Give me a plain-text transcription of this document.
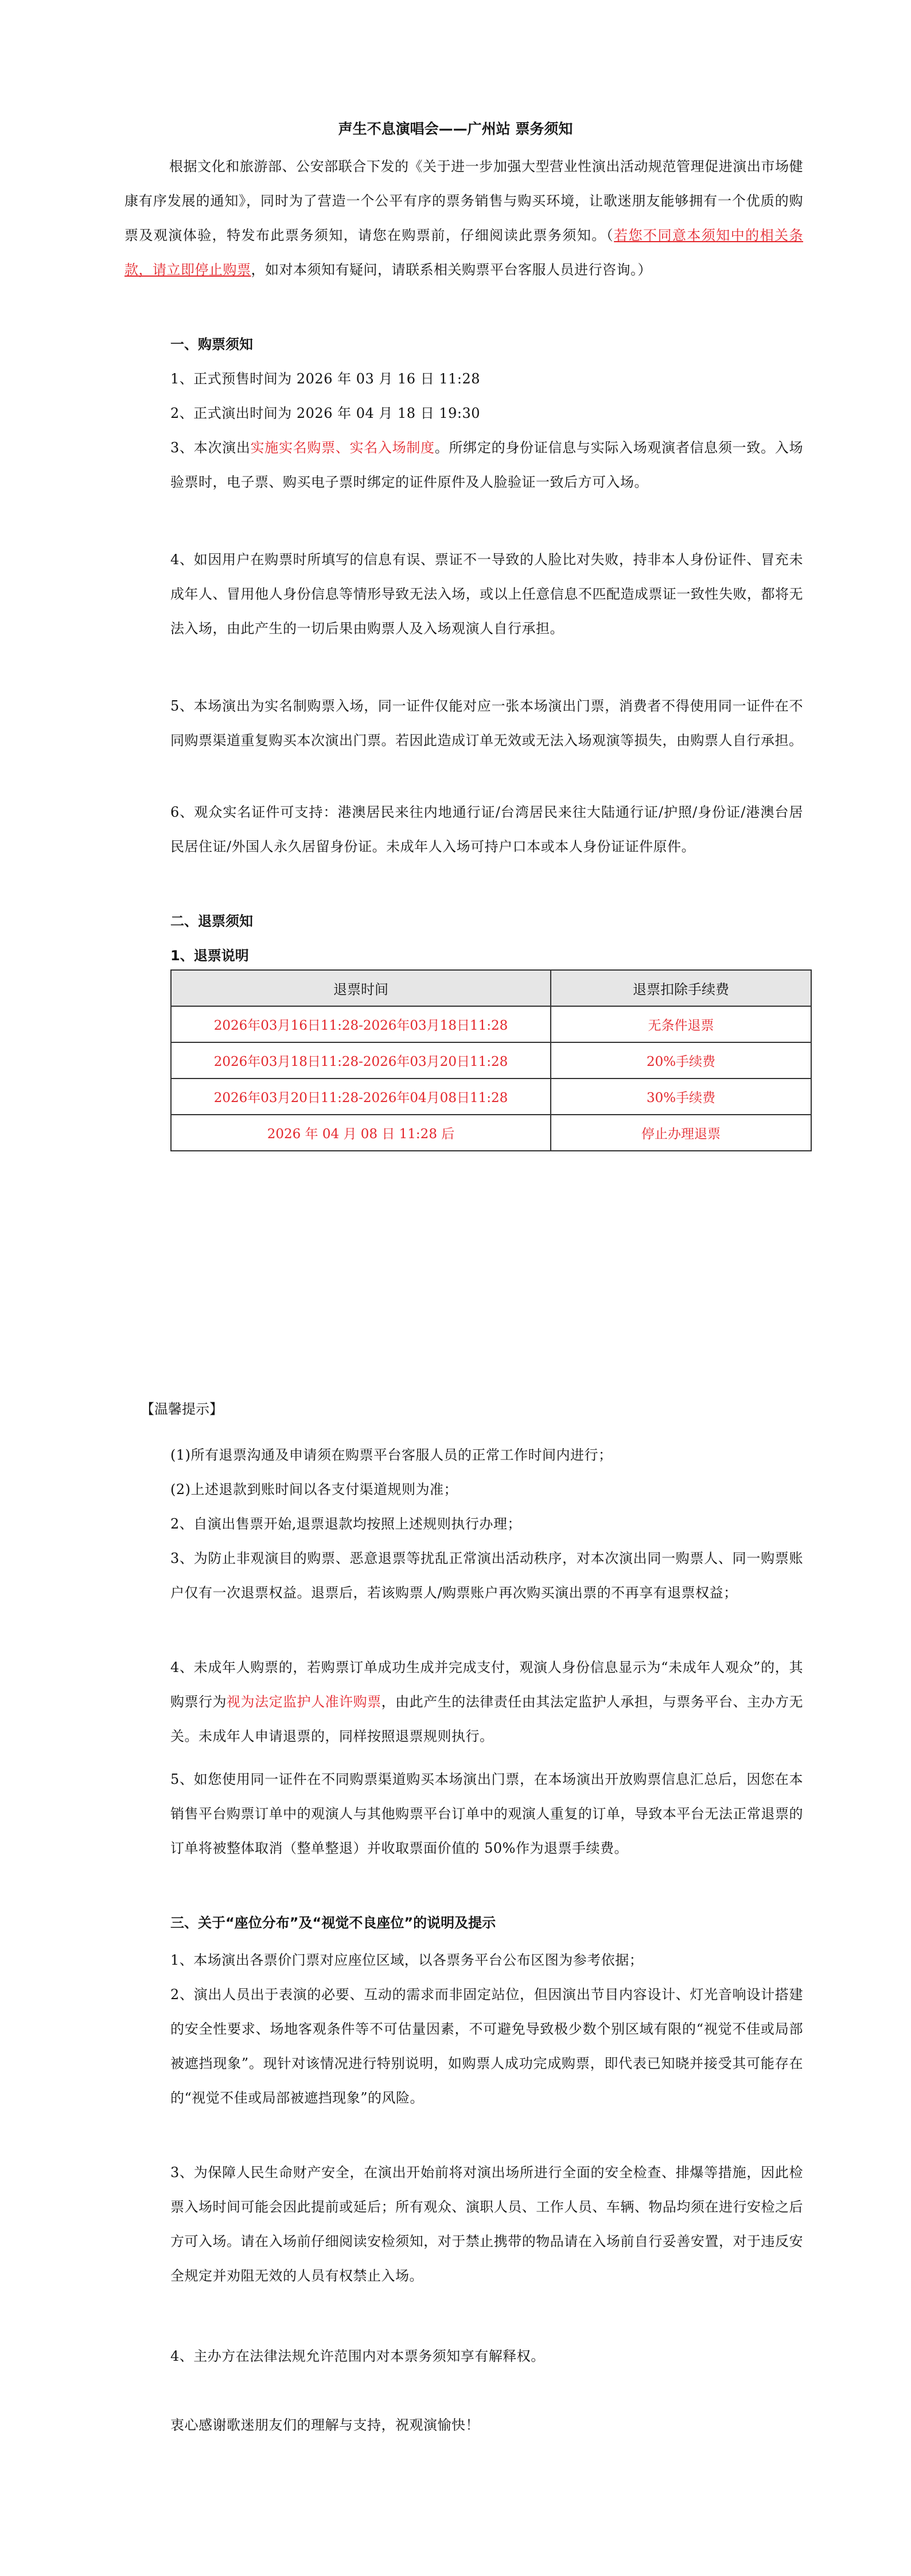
声生不息演唱会——广州站 票务须知
根据文化和旅游部、公安部联合下发的《关于进一步加强大型营业性演出活动规范管理促进演出市场健康有序发展的通知》，同时为了营造一个公平有序的票务销售与购买环境，让歌迷朋友能够拥有一个优质的购票及观演体验，特发布此票务须知，请您在购票前，仔细阅读此票务须知。（若您不同意本须知中的相关条款，请立即停止购票，如对本须知有疑问，请联系相关购票平台客服人员进行咨询。）
一、购票须知
1、正式预售时间为 2026 年 03 月 16 日 11:28
2、正式演出时间为 2026 年 04 月 18 日 19:30
3、本次演出实施实名购票、实名入场制度。所绑定的身份证信息与实际入场观演者信息须一致。入场验票时，电子票、购买电子票时绑定的证件原件及人脸验证一致后方可入场。
4、如因用户在购票时所填写的信息有误、票证不一导致的人脸比对失败，持非本人身份证件、冒充未成年人、冒用他人身份信息等情形导致无法入场，或以上任意信息不匹配造成票证一致性失败，都将无法入场，由此产生的一切后果由购票人及入场观演人自行承担。
5、本场演出为实名制购票入场，同一证件仅能对应一张本场演出门票，消费者不得使用同一证件在不同购票渠道重复购买本次演出门票。若因此造成订单无效或无法入场观演等损失，由购票人自行承担。
6、观众实名证件可支持：港澳居民来往内地通行证/台湾居民来往大陆通行证/护照/身份证/港澳台居民居住证/外国人永久居留身份证。未成年人入场可持户口本或本人身份证证件原件。
二、退票须知
1、退票说明
退票时间	退票扣除手续费
2026年03月16日11:28-2026年03月18日11:28	无条件退票
2026年03月18日11:28-2026年03月20日11:28	20%手续费
2026年03月20日11:28-2026年04月08日11:28	30%手续费
2026 年 04 月 08 日 11:28 后	停止办理退票
【温馨提示】
(1)所有退票沟通及申请须在购票平台客服人员的正常工作时间内进行；
(2)上述退款到账时间以各支付渠道规则为准；
2、自演出售票开始,退票退款均按照上述规则执行办理；
3、为防止非观演目的购票、恶意退票等扰乱正常演出活动秩序，对本次演出同一购票人、同一购票账户仅有一次退票权益。退票后，若该购票人/购票账户再次购买演出票的不再享有退票权益；
4、未成年人购票的，若购票订单成功生成并完成支付，观演人身份信息显示为“未成年人观众”的，其购票行为视为法定监护人准许购票，由此产生的法律责任由其法定监护人承担，与票务平台、主办方无关。未成年人申请退票的，同样按照退票规则执行。
5、如您使用同一证件在不同购票渠道购买本场演出门票，在本场演出开放购票信息汇总后，因您在本销售平台购票订单中的观演人与其他购票平台订单中的观演人重复的订单，导致本平台无法正常退票的订单将被整体取消（整单整退）并收取票面价值的 50%作为退票手续费。
三、关于“座位分布”及“视觉不良座位”的说明及提示
1、本场演出各票价门票对应座位区域，以各票务平台公布区图为参考依据；
2、演出人员出于表演的必要、互动的需求而非固定站位，但因演出节目内容设计、灯光音响设计搭建的安全性要求、场地客观条件等不可估量因素，不可避免导致极少数个别区域有限的“视觉不佳或局部被遮挡现象”。现针对该情况进行特别说明，如购票人成功完成购票，即代表已知晓并接受其可能存在的“视觉不佳或局部被遮挡现象”的风险。
3、为保障人民生命财产安全，在演出开始前将对演出场所进行全面的安全检查、排爆等措施，因此检票入场时间可能会因此提前或延后；所有观众、演职人员、工作人员、车辆、物品均须在进行安检之后方可入场。请在入场前仔细阅读安检须知，对于禁止携带的物品请在入场前自行妥善安置，对于违反安全规定并劝阻无效的人员有权禁止入场。
4、主办方在法律法规允许范围内对本票务须知享有解释权。
衷心感谢歌迷朋友们的理解与支持，祝观演愉快！
